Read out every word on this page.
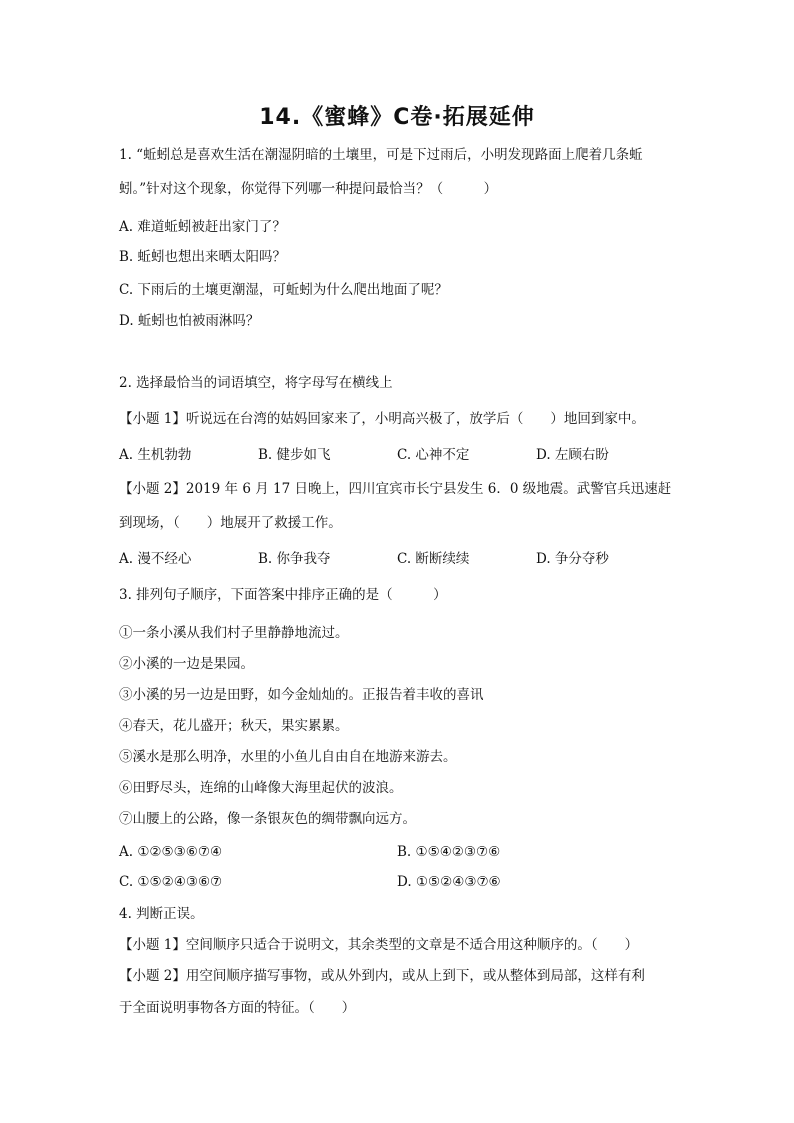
14.《蜜蜂》C卷·拓展延伸
1. “蚯蚓总是喜欢生活在潮湿阴暗的土壤里，可是下过雨后，小明发现路面上爬着几条蚯
蚓。”针对这个现象，你觉得下列哪一种提问最恰当？（　　　）
A. 难道蚯蚓被赶出家门了？
B. 蚯蚓也想出来晒太阳吗？
C. 下雨后的土壤更潮湿，可蚯蚓为什么爬出地面了呢？
D. 蚯蚓也怕被雨淋吗？
2. 选择最恰当的词语填空，将字母写在横线上
【小题 1】听说远在台湾的姑妈回家来了，小明高兴极了，放学后（　　）地回到家中。
A. 生机勃勃	B. 健步如飞	C. 心神不定	D. 左顾右盼
【小题 2】2019 年 6 月 17 日晚上，四川宜宾市长宁县发生 6．0 级地震。武警官兵迅速赶
到现场，（　　）地展开了救援工作。
A. 漫不经心	B. 你争我夺	C. 断断续续	D. 争分夺秒
3. 排列句子顺序，下面答案中排序正确的是（　　　）
①一条小溪从我们村子里静静地流过。
②小溪的一边是果园。
③小溪的另一边是田野，如今金灿灿的。正报告着丰收的喜讯
④春天，花儿盛开；秋天，果实累累。
⑤溪水是那么明净，水里的小鱼儿自由自在地游来游去。
⑥田野尽头，连绵的山峰像大海里起伏的波浪。
⑦山腰上的公路，像一条银灰色的绸带飘向远方。
A. ①②⑤③⑥⑦④	B. ①⑤④②③⑦⑥
C. ①⑤②④③⑥⑦	D. ①⑤②④③⑦⑥
4. 判断正误。
【小题 1】空间顺序只适合于说明文，其余类型的文章是不适合用这种顺序的。（　　）
【小题 2】用空间顺序描写事物，或从外到内，或从上到下，或从整体到局部，这样有利
于全面说明事物各方面的特征。（　　）
